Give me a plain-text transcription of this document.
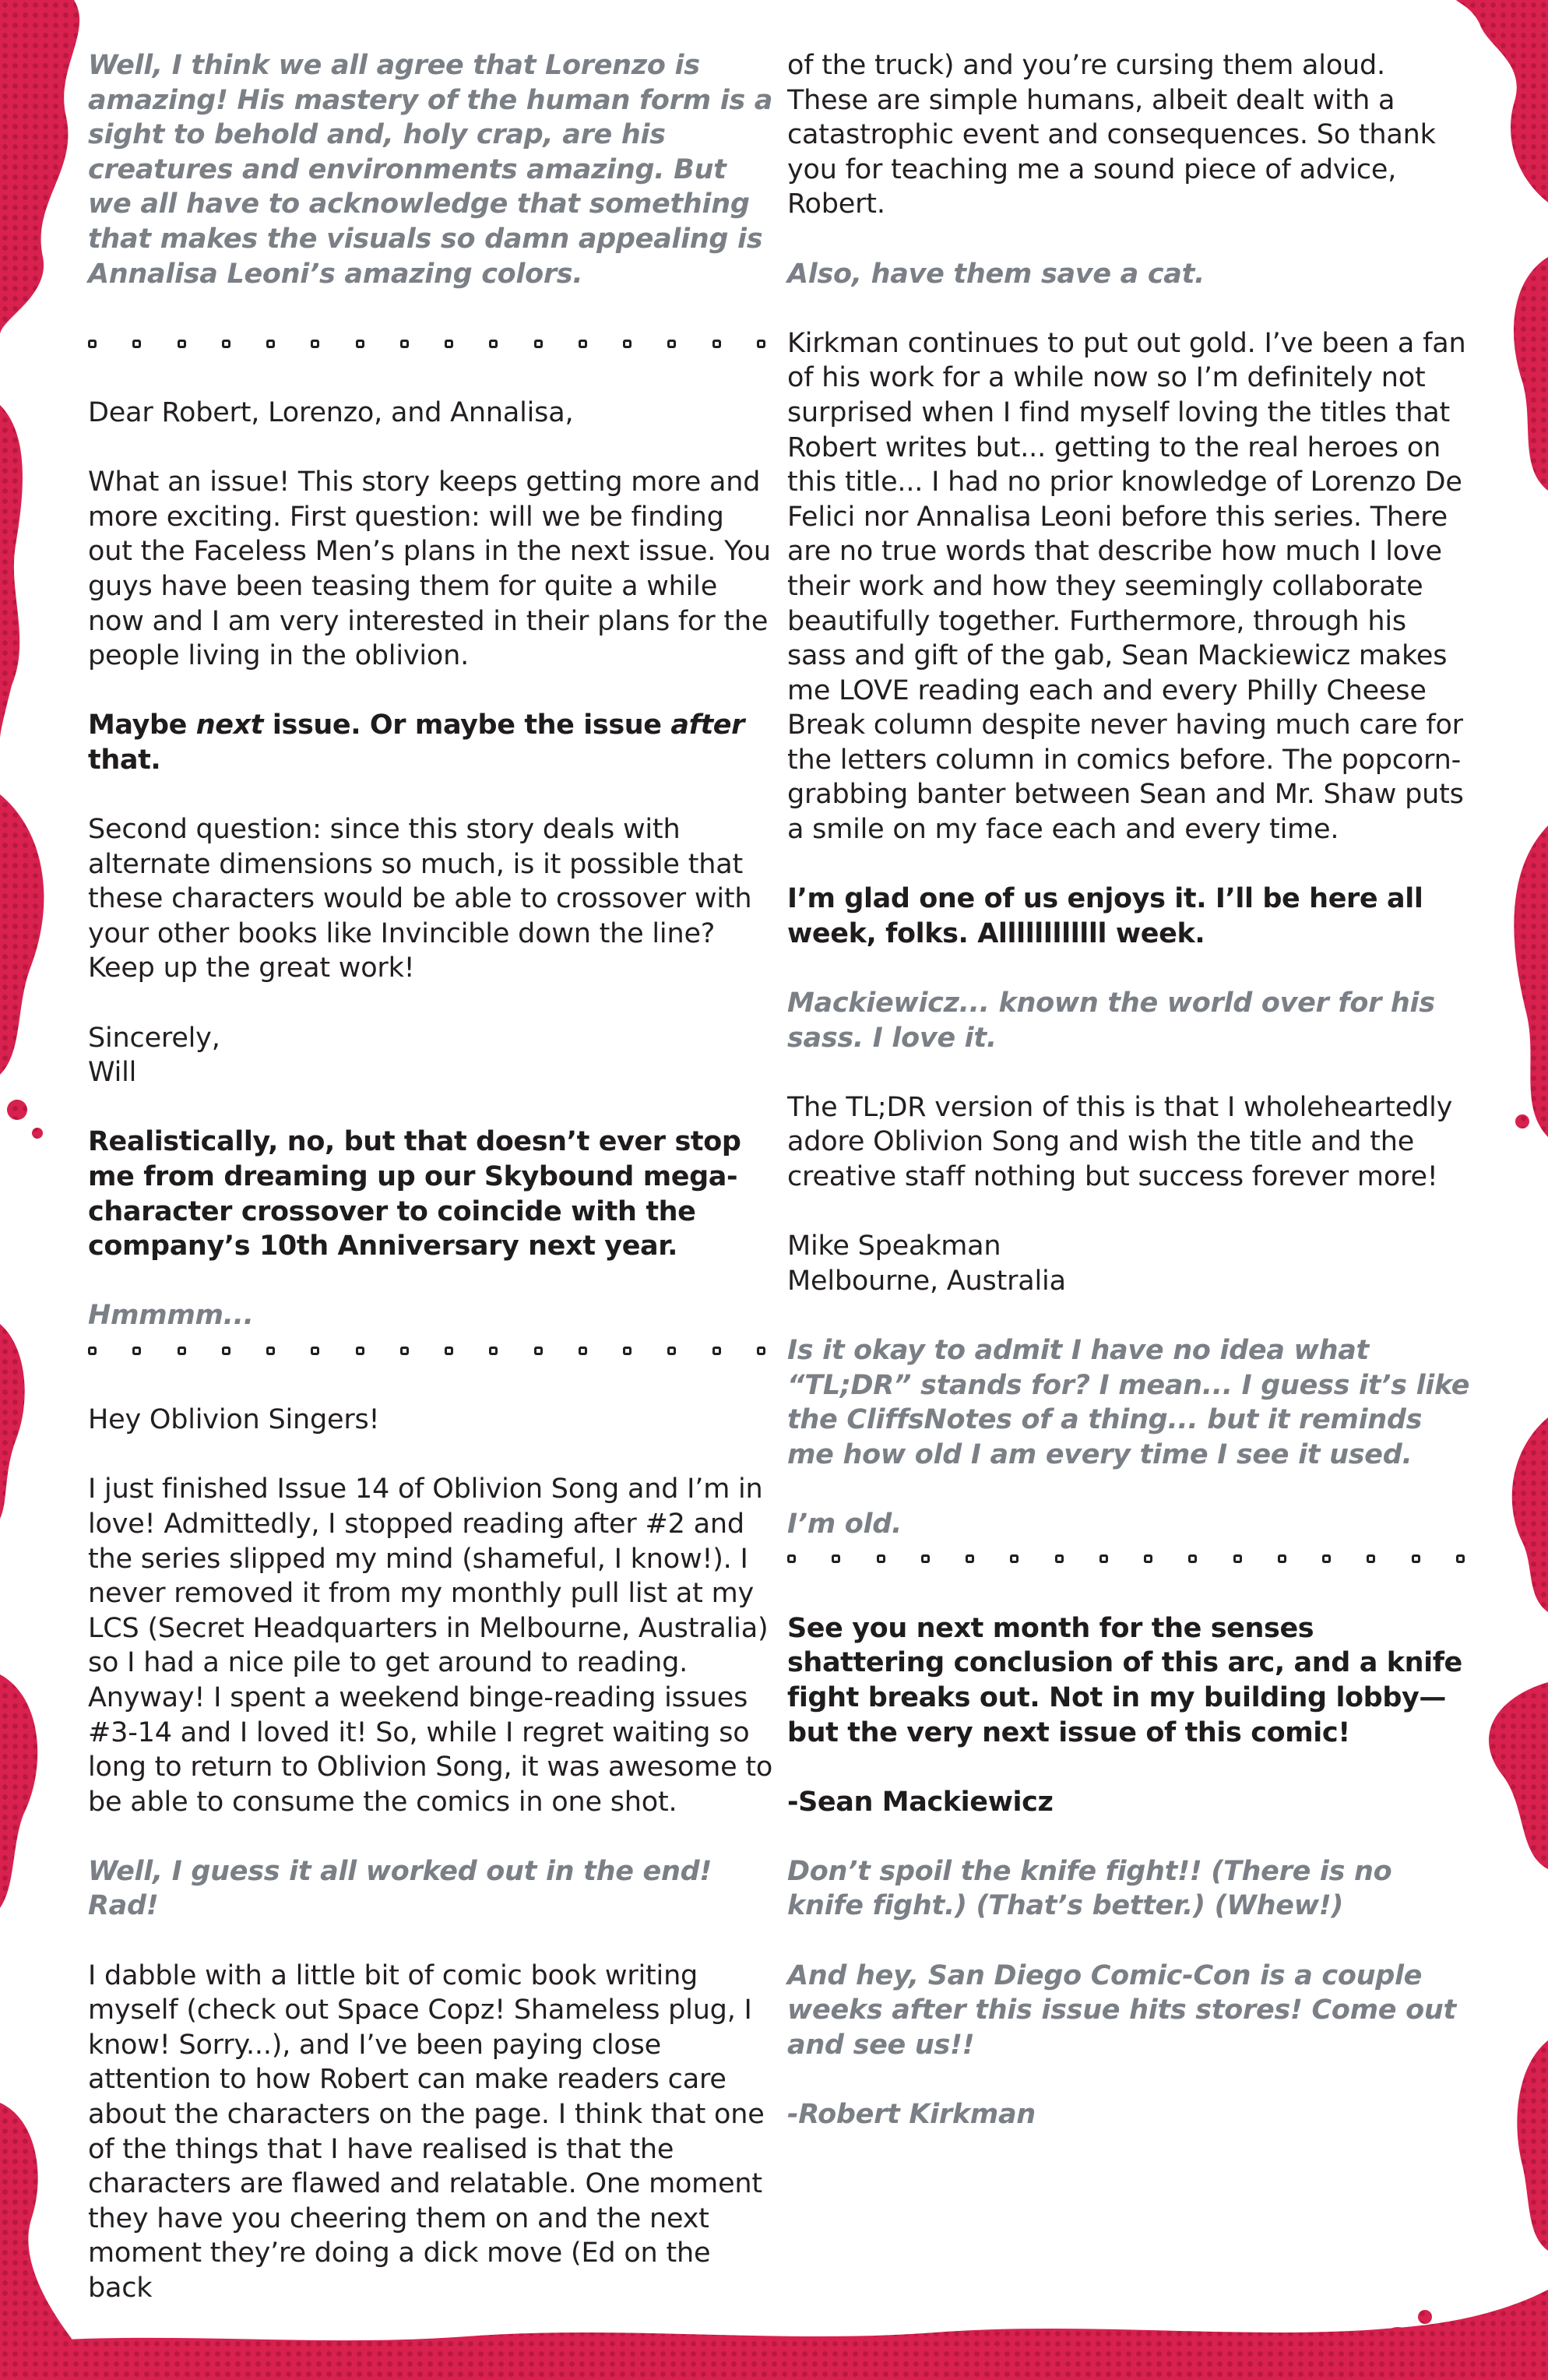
Well, I think we all agree that Lorenzo is amazing! His mastery of the human form is a sight to behold and, holy crap, are his creatures and environments amazing. But we all have to acknowledge that something that makes the visuals so damn appealing is Annalisa Leoni’s amazing colors.

Dear Robert, Lorenzo, and Annalisa,

What an issue! This story keeps getting more and more exciting. First question: will we be finding out the Faceless Men’s plans in the next issue. You guys have been teasing them for quite a while now and I am very interested in their plans for the people living in the oblivion.

Maybe next issue. Or maybe the issue after that.

Second question: since this story deals with alternate dimensions so much, is it possible that these characters would be able to crossover with your other books like Invincible down the line? Keep up the great work!

Sincerely,
Will

Realistically, no, but that doesn’t ever stop me from dreaming up our Skybound mega-character crossover to coincide with the company’s 10th Anniversary next year.

Hmmmm...

Hey Oblivion Singers!

I just finished Issue 14 of Oblivion Song and I’m in love! Admittedly, I stopped reading after #2 and the series slipped my mind (shameful, I know!). I never removed it from my monthly pull list at my LCS (Secret Headquarters in Melbourne, Australia) so I had a nice pile to get around to reading. Anyway! I spent a weekend binge-reading issues #3-14 and I loved it! So, while I regret waiting so long to return to Oblivion Song, it was awesome to be able to consume the comics in one shot.

Well, I guess it all worked out in the end! Rad!

I dabble with a little bit of comic book writing myself (check out Space Copz! Shameless plug, I know! Sorry...), and I’ve been paying close attention to how Robert can make readers care about the characters on the page. I think that one of the things that I have realised is that the characters are flawed and relatable. One moment they have you cheering them on and the next moment they’re doing a dick move (Ed on the back

of the truck) and you’re cursing them aloud. These are simple humans, albeit dealt with a catastrophic event and consequences. So thank you for teaching me a sound piece of advice, Robert.

Also, have them save a cat.

Kirkman continues to put out gold. I’ve been a fan of his work for a while now so I’m definitely not surprised when I find myself loving the titles that Robert writes but... getting to the real heroes on this title... I had no prior knowledge of Lorenzo De Felici nor Annalisa Leoni before this series. There are no true words that describe how much I love their work and how they seemingly collaborate beautifully together. Furthermore, through his sass and gift of the gab, Sean Mackiewicz makes me LOVE reading each and every Philly Cheese Break column despite never having much care for the letters column in comics before. The popcorn-grabbing banter between Sean and Mr. Shaw puts a smile on my face each and every time.

I’m glad one of us enjoys it. I’ll be here all week, folks. Allllllllllll week.

Mackiewicz... known the world over for his sass. I love it.

The TL;DR version of this is that I wholeheartedly adore Oblivion Song and wish the title and the creative staff nothing but success forever more!

Mike Speakman
Melbourne, Australia

Is it okay to admit I have no idea what “TL;DR” stands for? I mean... I guess it’s like the CliffsNotes of a thing... but it reminds me how old I am every time I see it used.

I’m old.

See you next month for the senses shattering conclusion of this arc, and a knife fight breaks out. Not in my building lobby—but the very next issue of this comic!

-Sean Mackiewicz

Don’t spoil the knife fight!! (There is no knife fight.) (That’s better.) (Whew!)

And hey, San Diego Comic-Con is a couple weeks after this issue hits stores! Come out and see us!!

-Robert Kirkman
